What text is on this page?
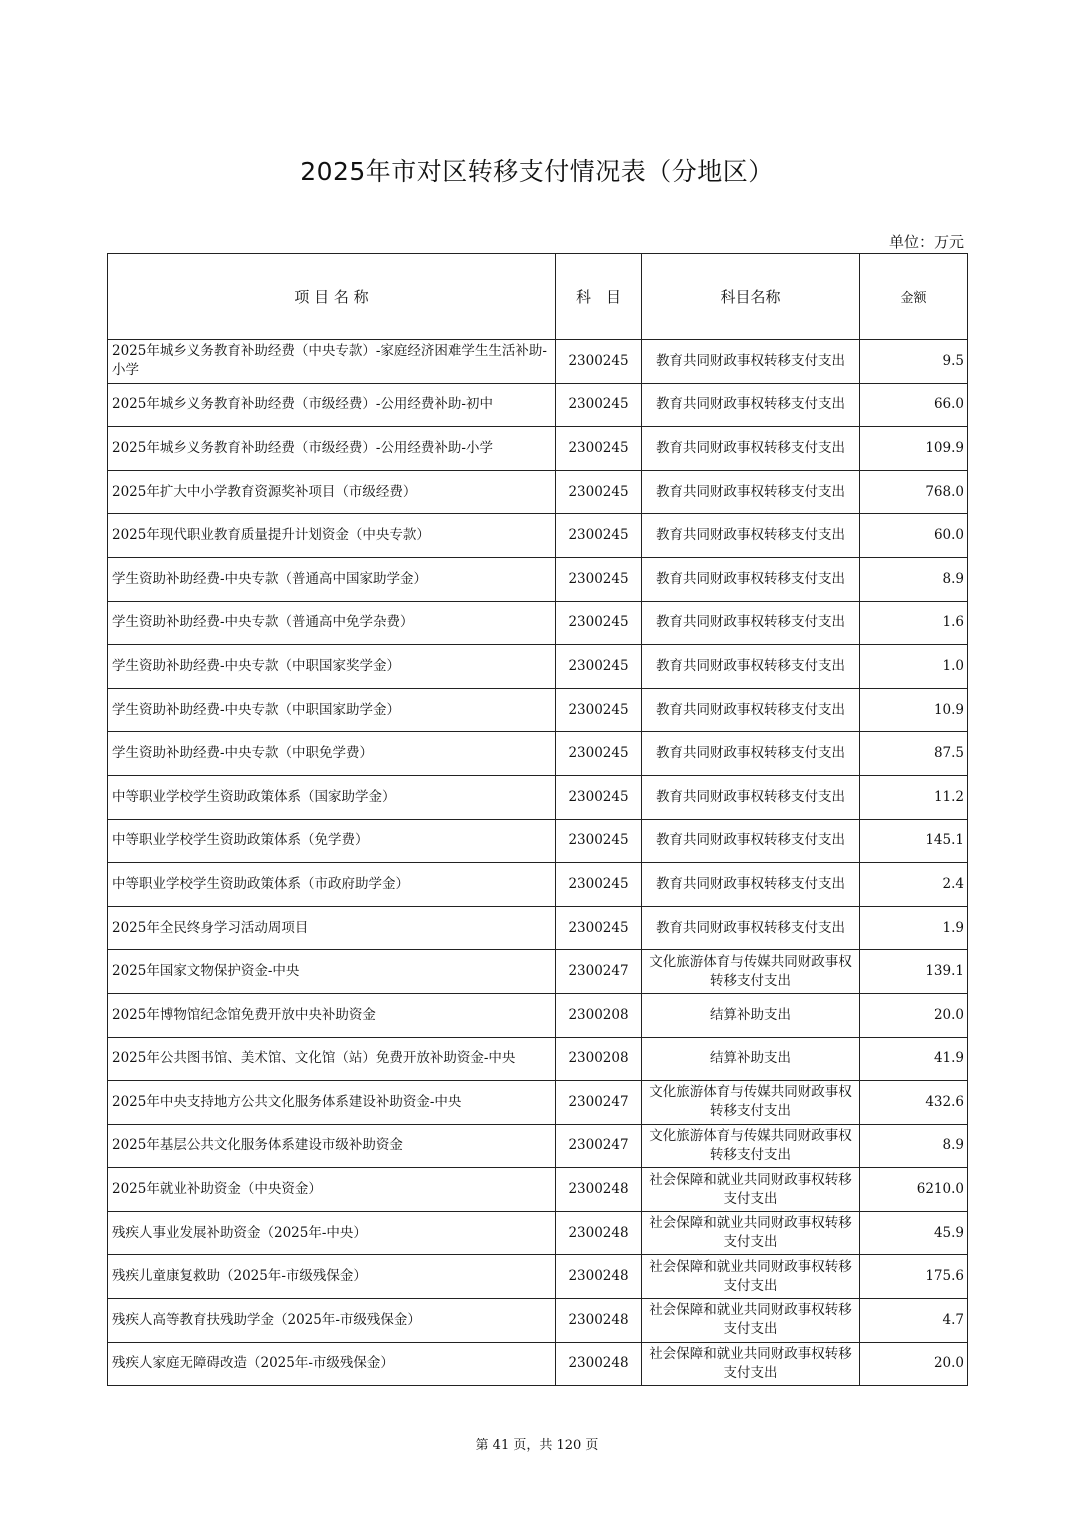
2025年市对区转移支付情况表（分地区）
单位：万元
项 目 名 称	科　目	科目名称	金额
2025年城乡义务教育补助经费（中央专款）-家庭经济困难学生生活补助-小学	2300245	教育共同财政事权转移支付支出	9.5
2025年城乡义务教育补助经费（市级经费）-公用经费补助-初中	2300245	教育共同财政事权转移支付支出	66.0
2025年城乡义务教育补助经费（市级经费）-公用经费补助-小学	2300245	教育共同财政事权转移支付支出	109.9
2025年扩大中小学教育资源奖补项目（市级经费）	2300245	教育共同财政事权转移支付支出	768.0
2025年现代职业教育质量提升计划资金（中央专款）	2300245	教育共同财政事权转移支付支出	60.0
学生资助补助经费-中央专款（普通高中国家助学金）	2300245	教育共同财政事权转移支付支出	8.9
学生资助补助经费-中央专款（普通高中免学杂费）	2300245	教育共同财政事权转移支付支出	1.6
学生资助补助经费-中央专款（中职国家奖学金）	2300245	教育共同财政事权转移支付支出	1.0
学生资助补助经费-中央专款（中职国家助学金）	2300245	教育共同财政事权转移支付支出	10.9
学生资助补助经费-中央专款（中职免学费）	2300245	教育共同财政事权转移支付支出	87.5
中等职业学校学生资助政策体系（国家助学金）	2300245	教育共同财政事权转移支付支出	11.2
中等职业学校学生资助政策体系（免学费）	2300245	教育共同财政事权转移支付支出	145.1
中等职业学校学生资助政策体系（市政府助学金）	2300245	教育共同财政事权转移支付支出	2.4
2025年全民终身学习活动周项目	2300245	教育共同财政事权转移支付支出	1.9
2025年国家文物保护资金-中央	2300247	文化旅游体育与传媒共同财政事权转移支付支出	139.1
2025年博物馆纪念馆免费开放中央补助资金	2300208	结算补助支出	20.0
2025年公共图书馆、美术馆、文化馆（站）免费开放补助资金-中央	2300208	结算补助支出	41.9
2025年中央支持地方公共文化服务体系建设补助资金-中央	2300247	文化旅游体育与传媒共同财政事权转移支付支出	432.6
2025年基层公共文化服务体系建设市级补助资金	2300247	文化旅游体育与传媒共同财政事权转移支付支出	8.9
2025年就业补助资金（中央资金）	2300248	社会保障和就业共同财政事权转移支付支出	6210.0
残疾人事业发展补助资金（2025年-中央）	2300248	社会保障和就业共同财政事权转移支付支出	45.9
残疾儿童康复救助（2025年-市级残保金）	2300248	社会保障和就业共同财政事权转移支付支出	175.6
残疾人高等教育扶残助学金（2025年-市级残保金）	2300248	社会保障和就业共同财政事权转移支付支出	4.7
残疾人家庭无障碍改造（2025年-市级残保金）	2300248	社会保障和就业共同财政事权转移支付支出	20.0
第 41 页，共 120 页
